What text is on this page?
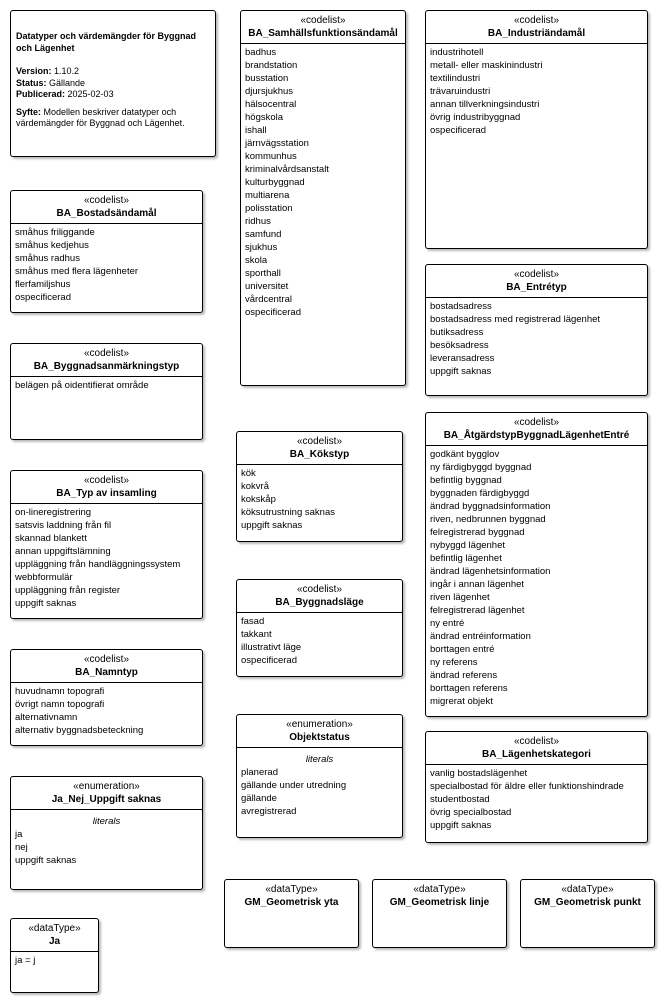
Datatyper och värdemängder för Byggnad och Lägenhet
Version: 1.10.2
Status: Gällande
Publicerad: 2025-02-03
Syfte: Modellen beskriver datatyper och värdemängder för Byggnad och Lägenhet.
«codelist»
BA_Bostadsändamål
småhus friliggande
småhus kedjehus
småhus radhus
småhus med flera lägenheter
flerfamiljshus
ospecificerad
«codelist»
BA_Byggnadsanmärkningstyp
belägen på oidentifierat område
«codelist»
BA_Typ av insamling
on-lineregistrering
satsvis laddning från fil
skannad blankett
annan uppgiftslämning
uppläggning från handläggningssystem
webbformulär
uppläggning från register
uppgift saknas
«codelist»
BA_Namntyp
huvudnamn topografi
övrigt namn topografi
alternativnamn
alternativ byggnadsbeteckning
«enumeration»
Ja_Nej_Uppgift saknas
literals
ja
nej
uppgift saknas
«dataType»
Ja
ja = j
«codelist»
BA_Samhällsfunktionsändamål
badhus
brandstation
busstation
djursjukhus
hälsocentral
högskola
ishall
järnvägsstation
kommunhus
kriminalvårdsanstalt
kulturbyggnad
multiarena
polisstation
ridhus
samfund
sjukhus
skola
sporthall
universitet
vårdcentral
ospecificerad
«codelist»
BA_Kökstyp
kök
kokvrå
kokskåp
köksutrustning saknas
uppgift saknas
«codelist»
BA_Byggnadsläge
fasad
takkant
illustrativt läge
ospecificerad
«enumeration»
Objektstatus
literals
planerad
gällande under utredning
gällande
avregistrerad
«codelist»
BA_Industriändamål
industrihotell
metall- eller maskinindustri
textilindustri
trävaruindustri
annan tillverkningsindustri
övrig industribyggnad
ospecificerad
«codelist»
BA_Entrétyp
bostadsadress
bostadsadress med registrerad lägenhet
butiksadress
besöksadress
leveransadress
uppgift saknas
«codelist»
BA_ÅtgärdstypByggnadLägenhetEntré
godkänt bygglov
ny färdigbyggd byggnad
befintlig byggnad
byggnaden färdigbyggd
ändrad byggnadsinformation
riven, nedbrunnen byggnad
felregistrerad byggnad
nybyggd lägenhet
befintlig lägenhet
ändrad lägenhetsinformation
ingår i annan lägenhet
riven lägenhet
felregistrerad lägenhet
ny entré
ändrad entréinformation
borttagen entré
ny referens
ändrad referens
borttagen referens
migrerat objekt
«codelist»
BA_Lägenhetskategori
vanlig bostadslägenhet
specialbostad för äldre eller funktionshindrade
studentbostad
övrig specialbostad
uppgift saknas
«dataType»
GM_Geometrisk yta
«dataType»
GM_Geometrisk linje
«dataType»
GM_Geometrisk punkt
